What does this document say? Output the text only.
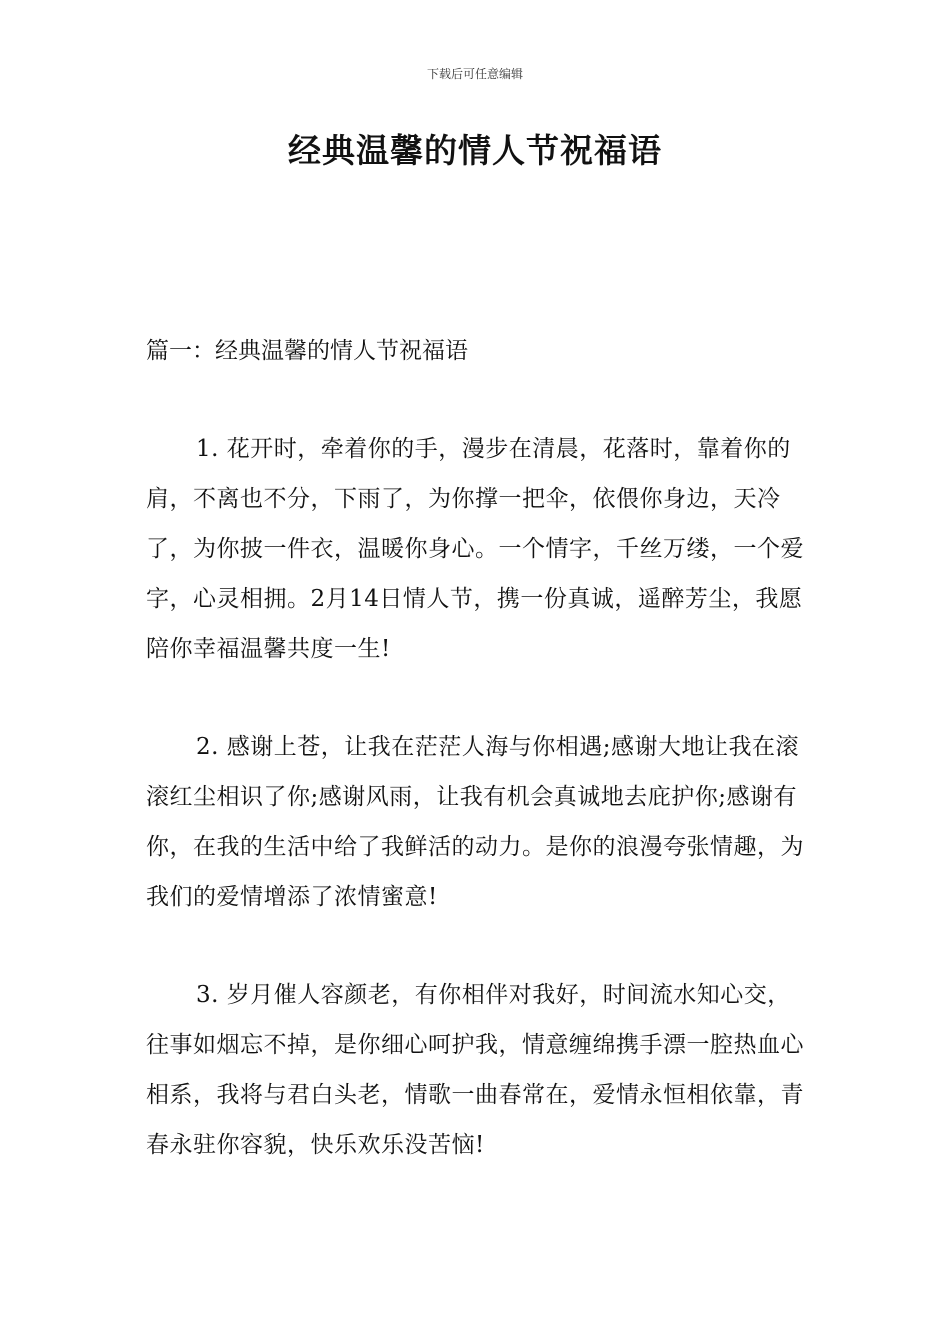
下载后可任意编辑
经典温馨的情人节祝福语
篇一：经典温馨的情人节祝福语

1. 花开时，牵着你的手，漫步在清晨，花落时，靠着你的肩，不离也不分，下雨了，为你撑一把伞，依偎你身边，天冷了，为你披一件衣，温暖你身心。一个情字，千丝万缕，一个爱字，心灵相拥。2月14日情人节，携一份真诚，遥醉芳尘，我愿陪你幸福温馨共度一生!

2. 感谢上苍，让我在茫茫人海与你相遇;感谢大地让我在滚滚红尘相识了你;感谢风雨，让我有机会真诚地去庇护你;感谢有你，在我的生活中给了我鲜活的动力。是你的浪漫夸张情趣，为我们的爱情增添了浓情蜜意!

3. 岁月催人容颜老，有你相伴对我好，时间流水知心交，往事如烟忘不掉，是你细心呵护我，情意缠绵携手漂一腔热血心相系，我将与君白头老，情歌一曲春常在，爱情永恒相依靠，青春永驻你容貌，快乐欢乐没苦恼!
